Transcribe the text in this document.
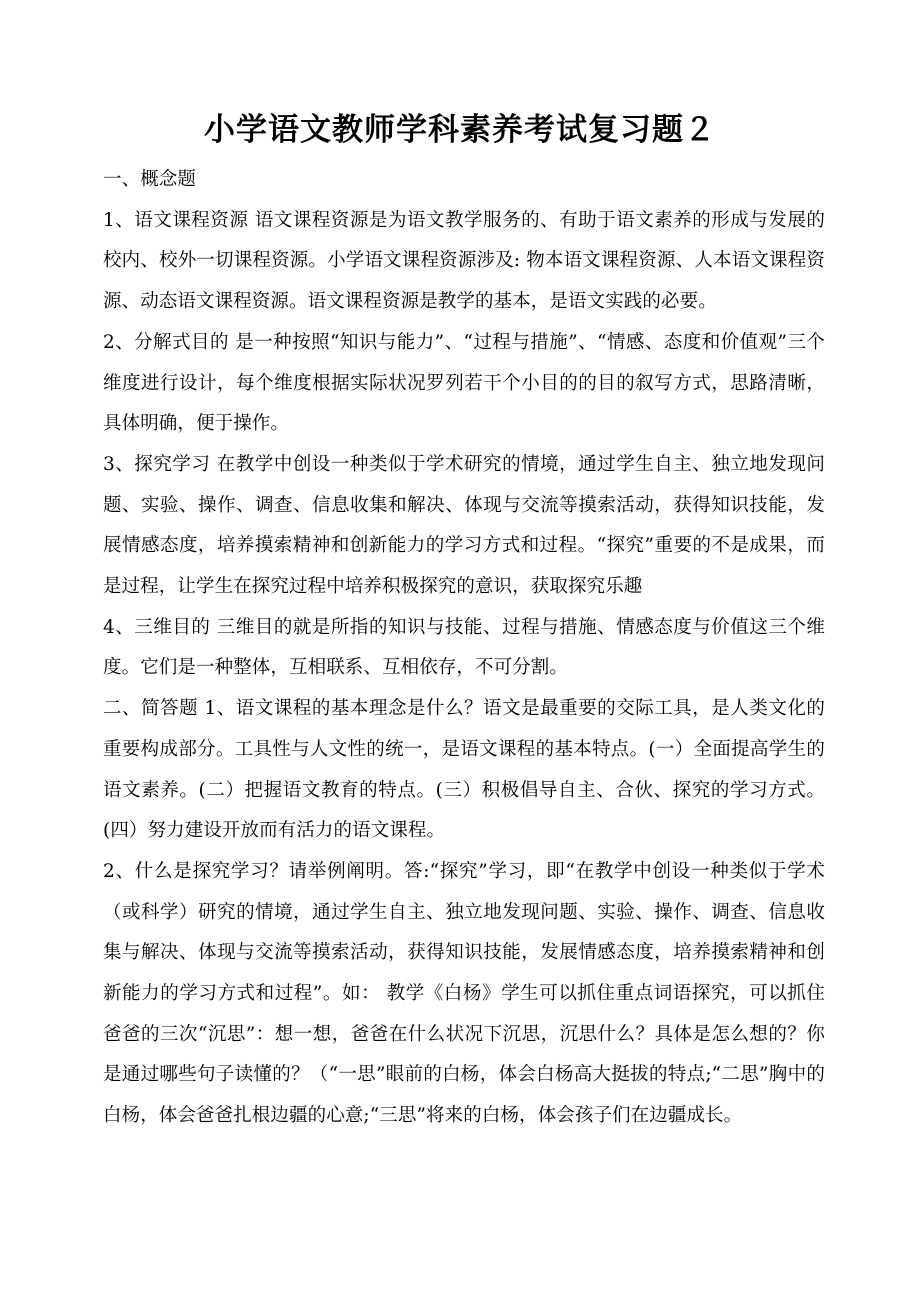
小学语文教师学科素养考试复习题２

一、概念题

1、语文课程资源 语文课程资源是为语文教学服务的、有助于语文素养的形成与发展的校内、校外一切课程资源。小学语文课程资源涉及: 物本语文课程资源、人本语文课程资源、动态语文课程资源。语文课程资源是教学的基本，是语文实践的必要。

2、分解式目的 是一种按照“知识与能力”、“过程与措施”、“情感、态度和价值观”三个维度进行设计，每个维度根据实际状况罗列若干个小目的的目的叙写方式，思路清晰，具体明确，便于操作。

3、探究学习 在教学中创设一种类似于学术研究的情境，通过学生自主、独立地发现问题、实验、操作、调查、信息收集和解决、体现与交流等摸索活动，获得知识技能，发展情感态度，培养摸索精神和创新能力的学习方式和过程。“探究”重要的不是成果，而是过程，让学生在探究过程中培养积极探究的意识，获取探究乐趣

4、三维目的 三维目的就是所指的知识与技能、过程与措施、情感态度与价值这三个维度。它们是一种整体，互相联系、互相依存，不可分割。

二、简答题 1、语文课程的基本理念是什么？语文是最重要的交际工具，是人类文化的重要构成部分。工具性与人文性的统一，是语文课程的基本特点。(一）全面提高学生的语文素养。(二）把握语文教育的特点。(三）积极倡导自主、合伙、探究的学习方式。(四）努力建设开放而有活力的语文课程。

2、什么是探究学习？请举例阐明。答:“探究”学习，即“在教学中创设一种类似于学术（或科学）研究的情境，通过学生自主、独立地发现问题、实验、操作、调查、信息收集与解决、体现与交流等摸索活动，获得知识技能，发展情感态度，培养摸索精神和创新能力的学习方式和过程”。如： 教学《白杨》学生可以抓住重点词语探究，可以抓住爸爸的三次“沉思”：想一想，爸爸在什么状况下沉思，沉思什么？具体是怎么想的？你是通过哪些句子读懂的？（“一思”眼前的白杨，体会白杨高大挺拔的特点;“二思”胸中的白杨，体会爸爸扎根边疆的心意;“三思”将来的白杨，体会孩子们在边疆成长。
